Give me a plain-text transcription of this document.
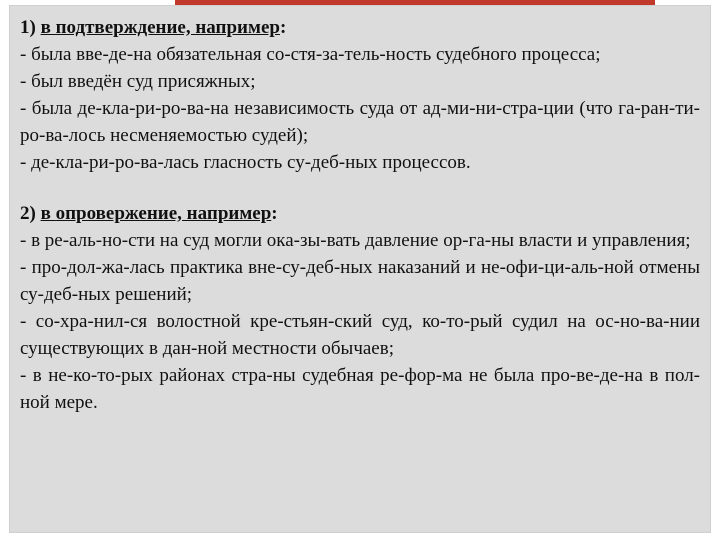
1) в подтверждение, например:
- была вве-де-на обязательная со-стя-за-тель-ность судебного процесса;
- был введён суд присяжных;
- была де-кла-ри-ро-ва-на независимость суда от ад-ми-ни-стра-ции (что га-ран-ти-ро-ва-лось несменяемостью судей);
- де-кла-ри-ро-ва-лась гласность су-деб-ных процессов.
2) в опровержение, например:
- в ре-аль-но-сти на суд могли ока-зы-вать давление ор-га-ны власти и управления;
- про-дол-жа-лась практика вне-су-деб-ных наказаний и не-офи-ци-аль-ной отмены су-деб-ных решений;
- со-хра-нил-ся волостной кре-стьян-ский суд, ко-то-рый судил на ос-но-ва-нии существующих в дан-ной местности обычаев;
- в не-ко-то-рых районах стра-ны судебная ре-фор-ма не была про-ве-де-на в пол-ной мере.
